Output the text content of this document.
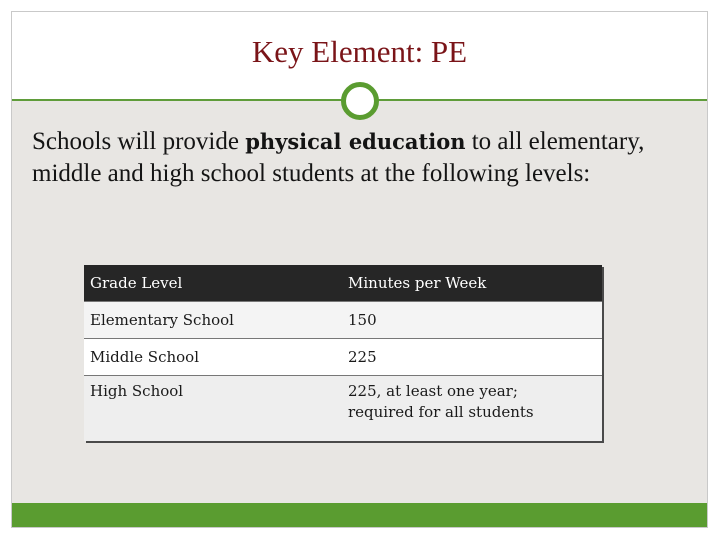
Key Element: PE
Schools will provide physical education to all elementary, middle and high school students at the following levels:
Grade Level	Minutes per Week
Elementary School	150
Middle School	225
High School	225, at least one year; required for all students
